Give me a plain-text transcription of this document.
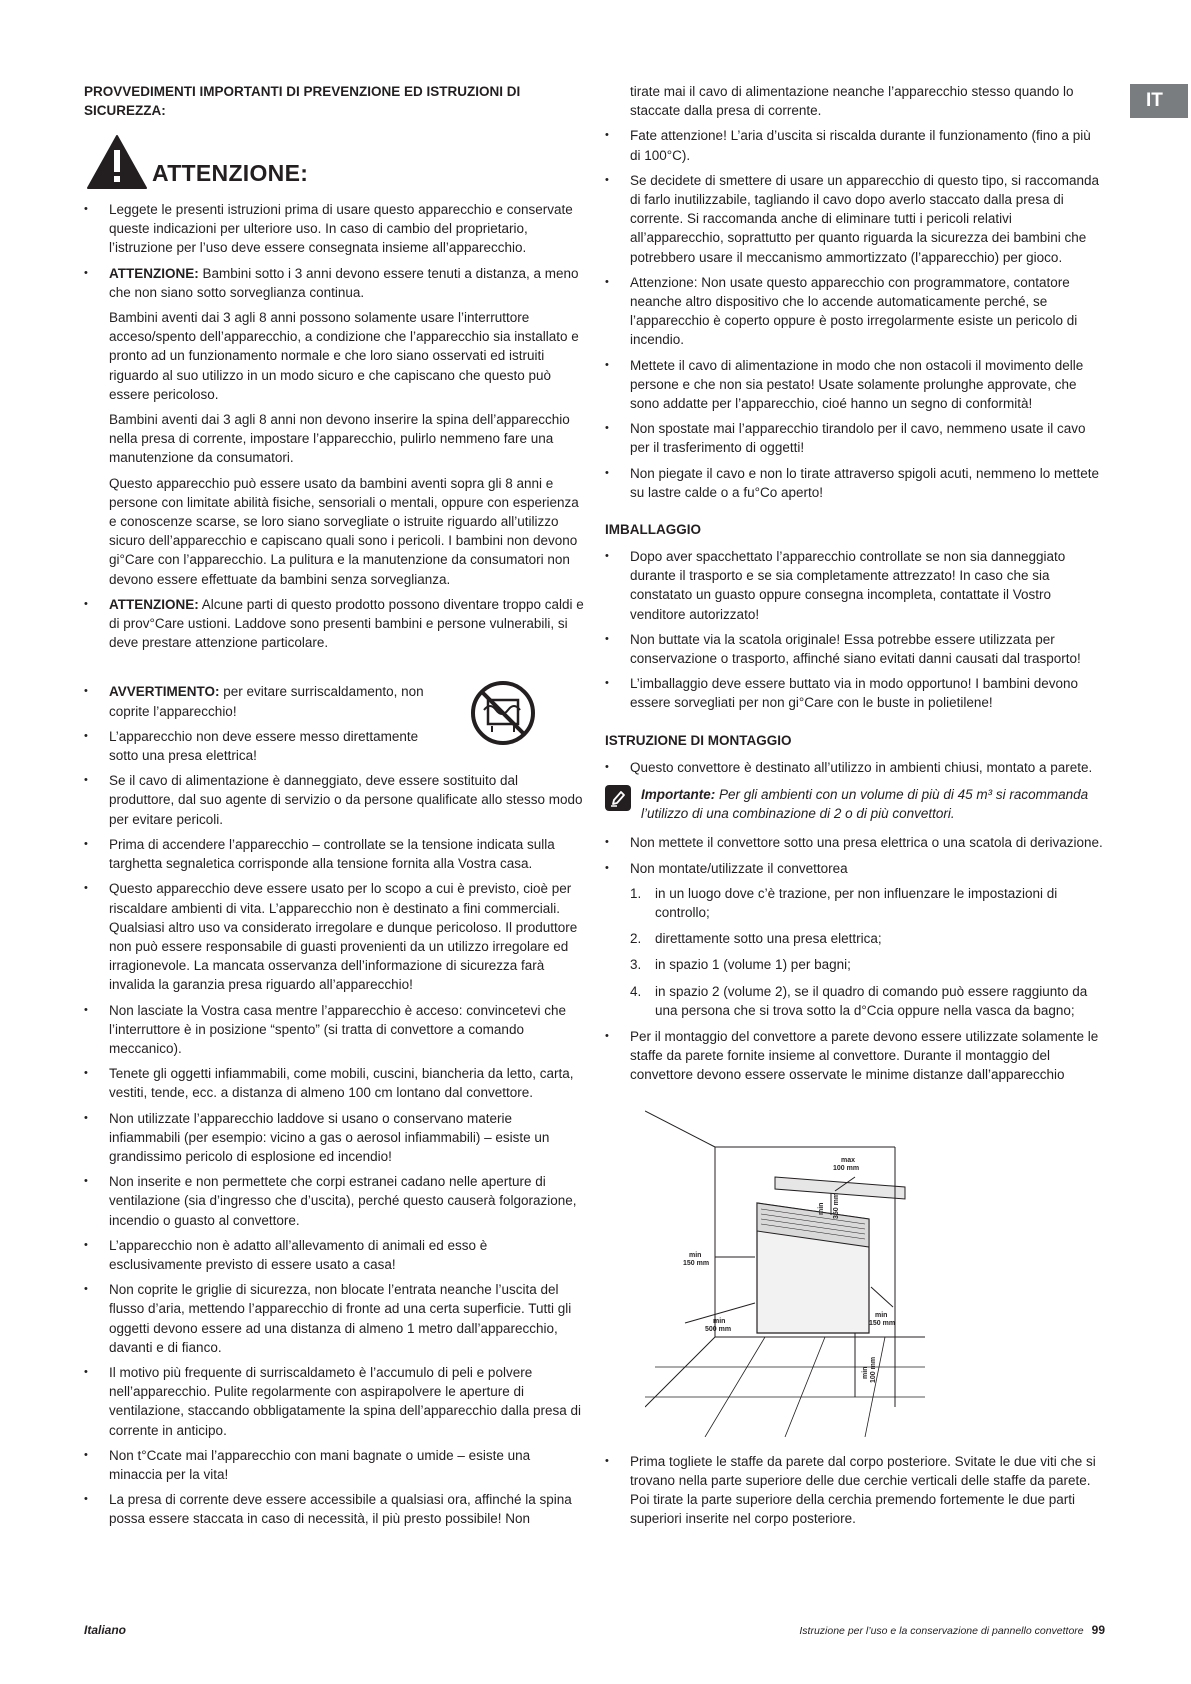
IT
PROVVEDIMENTI IMPORTANTI DI PREVENZIONE ED ISTRUZIONI DI SICUREZZA:
ATTENZIONE:
• Leggete le presenti istruzioni prima di usare questo apparecchio e conservate queste indicazioni per ulteriore uso. In caso di cambio del proprietario, l’istruzione per l’uso deve essere consegnata insieme all’apparecchio.
• ATTENZIONE: Bambini sotto i 3 anni devono essere tenuti a distanza, a meno che non siano sotto sorveglianza continua.
Bambini aventi dai 3 agli 8 anni possono solamente usare l’interruttore acceso/spento dell’apparecchio, a condizione che l’apparecchio sia installato e pronto ad un funzionamento normale e che loro siano osservati ed istruiti riguardo al suo utilizzo in un modo sicuro e che capiscano che questo può essere pericoloso.
Bambini aventi dai 3 agli 8 anni non devono inserire la spina dell’apparecchio nella presa di corrente, impostare l’apparecchio, pulirlo nemmeno fare una manutenzione da consumatori.
Questo apparecchio può essere usato da bambini aventi sopra gli 8 anni e persone con limitate abilità fisiche, sensoriali o mentali, oppure con esperienza e conoscenze scarse, se loro siano sorvegliate o istruite riguardo all’utilizzo sicuro dell’apparecchio e capiscano quali sono i pericoli. I bambini non devono gi°Care con l’apparecchio. La pulitura e la manutenzione da consumatori non devono essere effettuate da bambini senza sorveglianza.
• ATTENZIONE: Alcune parti di questo prodotto possono diventare troppo caldi e di prov°Care ustioni. Laddove sono presenti bambini e persone vulnerabili, si deve prestare attenzione particolare.
• AVVERTIMENTO: per evitare surriscaldamento, non coprite l’apparecchio!
• L’apparecchio non deve essere messo direttamente sotto una presa elettrica!
• Se il cavo di alimentazione è danneggiato, deve essere sostituito dal produttore, dal suo agente di servizio o da persone qualificate allo stesso modo per evitare pericoli.
• Prima di accendere l’apparecchio – controllate se la tensione indicata sulla targhetta segnaletica corrisponde alla tensione fornita alla Vostra casa.
• Questo apparecchio deve essere usato per lo scopo a cui è previsto, cioè per riscaldare ambienti di vita. L’apparecchio non è destinato a fini commerciali. Qualsiasi altro uso va considerato irregolare e dunque pericoloso. Il produttore non può essere responsabile di guasti provenienti da un utilizzo irregolare ed irragionevole. La mancata osservanza dell’informazione di sicurezza farà invalida la garanzia presa riguardo all’apparecchio!
• Non lasciate la Vostra casa mentre l’apparecchio è acceso: convincetevi che l’interruttore è in posizione “spento” (si tratta di convettore a comando meccanico).
• Tenete gli oggetti infiammabili, come mobili, cuscini, biancheria da letto, carta, vestiti, tende, ecc. a distanza di almeno 100 cm lontano dal convettore.
• Non utilizzate l’apparecchio laddove si usano o conservano materie infiammabili (per esempio: vicino a gas o aerosol infiammabili) – esiste un grandissimo pericolo di esplosione ed incendio!
• Non inserite e non permettete che corpi estranei cadano nelle aperture di ventilazione (sia d’ingresso che d’uscita), perché questo causerà folgorazione, incendio o guasto al convettore.
• L’apparecchio non è adatto all’allevamento di animali ed esso è esclusivamente previsto di essere usato a casa!
• Non coprite le griglie di sicurezza, non blocate l’entrata neanche l’uscita del flusso d’aria, mettendo l’apparecchio di fronte ad una certa superficie. Tutti gli oggetti devono essere ad una distanza di almeno 1 metro dall’apparecchio, davanti e di fianco.
• Il motivo più frequente di surriscaldameto è l’accumulo di peli e polvere nell’apparecchio. Pulite regolarmente con aspirapolvere le aperture di ventilazione, staccando obbligatamente la spina dell’apparecchio dalla presa di corrente in anticipo.
• Non t°Ccate mai l’apparecchio con mani bagnate o umide – esiste una minaccia per la vita!
• La presa di corrente deve essere accessibile a qualsiasi ora, affinché la spina possa essere staccata in caso di necessità, il più presto possibile! Non
tirate mai il cavo di alimentazione neanche l’apparecchio stesso quando lo staccate dalla presa di corrente.
• Fate attenzione! L’aria d’uscita si riscalda durante il funzionamento (fino a più di 100°C).
• Se decidete di smettere di usare un apparecchio di questo tipo, si raccomanda di farlo inutilizzabile, tagliando il cavo dopo averlo staccato dalla presa di corrente. Si raccomanda anche di eliminare tutti i pericoli relativi all’apparecchio, soprattutto per quanto riguarda la sicurezza dei bambini che potrebbero usare il meccanismo ammortizzato (l’apparecchio) per gioco.
• Attenzione: Non usate questo apparecchio con programmatore, contatore neanche altro dispositivo che lo accende automaticamente perché, se l’apparecchio è coperto oppure è posto irregolarmente esiste un pericolo di incendio.
• Mettete il cavo di alimentazione in modo che non ostacoli il movimento delle persone e che non sia pestato! Usate solamente prolunghe approvate, che sono addatte per l’apparecchio, cioé hanno un segno di conformità!
• Non spostate mai l’apparecchio tirandolo per il cavo, nemmeno usate il cavo per il trasferimento di oggetti!
• Non piegate il cavo e non lo tirate attraverso spigoli acuti, nemmeno lo mettete su lastre calde o a fu°Co aperto!
IMBALLAGGIO
• Dopo aver spacchettato l’apparecchio controllate se non sia danneggiato durante il trasporto e se sia completamente attrezzato! In caso che sia constatato un guasto oppure consegna incompleta, contattate il Vostro venditore autorizzato!
• Non buttate via la scatola originale! Essa potrebbe essere utilizzata per conservazione o trasporto, affinché siano evitati danni causati dal trasporto!
• L’imballaggio deve essere buttato via in modo opportuno! I bambini devono essere sorvegliati per non gi°Care con le buste in polietilene!
ISTRUZIONE DI MONTAGGIO
• Questo convettore è destinato all’utilizzo in ambienti chiusi, montato a parete.
Importante: Per gli ambienti con un volume di più di 45 m³ si racommanda l’utilizzo di una combinazione di 2 o di più convettori.
• Non mettete il convettore sotto una presa elettrica o una scatola di derivazione.
• Non montate/utilizzate il convettorea
1. in un luogo dove c’è trazione, per non influenzare le impostazioni di controllo;
2. direttamente sotto una presa elettrica;
3. in spazio 1 (volume 1) per bagni;
4. in spazio 2 (volume 2), se il quadro di comando può essere raggiunto da una persona che si trova sotto la d°Ccia oppure nella vasca da bagno;
• Per il montaggio del convettore a parete devono essere utilizzate solamente le staffe da parete fornite insieme al convettore. Durante il montaggio del convettore devono essere osservate le minime distanze dall’apparecchio
max
100 mm
min 350 mm
min
150 mm
min
150 mm
min
500 mm
min 100 mm
• Prima togliete le staffe da parete dal corpo posteriore. Svitate le due viti che si trovano nella parte superiore delle due cerchie verticali delle staffe da parete. Poi tirate la parte superiore della cerchia premendo fortemente le due parti superiori inserite nel corpo posteriore.
Italiano	Istruzione per l’uso e la conservazione di pannello convettore 99
